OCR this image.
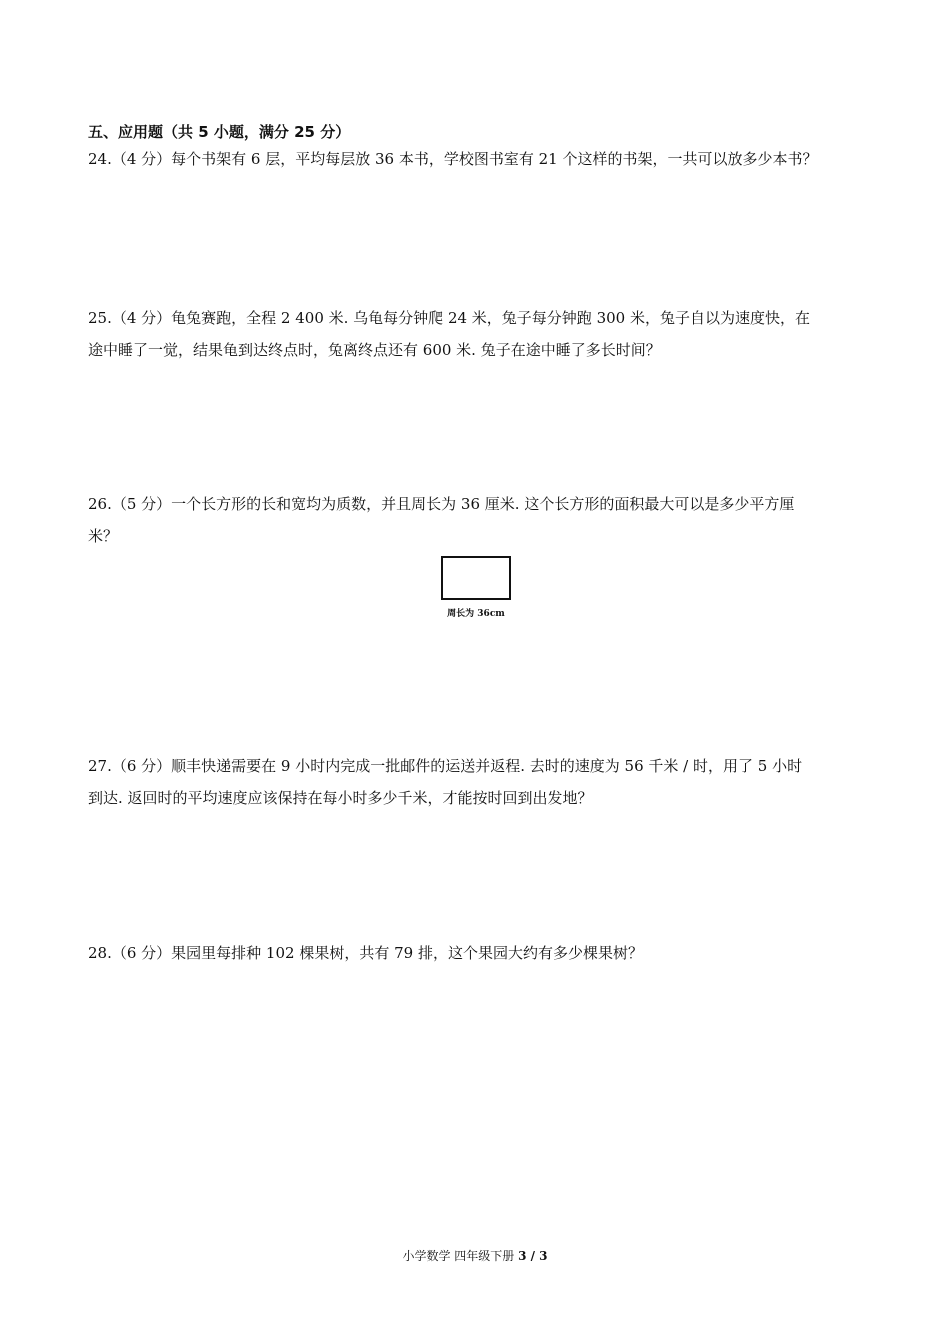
五、应用题（共 5 小题，满分 25 分）
24.（4 分）每个书架有 6 层，平均每层放 36 本书，学校图书室有 21 个这样的书架，一共可以放多少本书？
25.（4 分）龟兔赛跑，全程 2 400 米. 乌龟每分钟爬 24 米，兔子每分钟跑 300 米，兔子自以为速度快，在
途中睡了一觉，结果龟到达终点时，兔离终点还有 600 米. 兔子在途中睡了多长时间？
26.（5 分）一个长方形的长和宽均为质数，并且周长为 36 厘米. 这个长方形的面积最大可以是多少平方厘
米？
周长为 36cm
27.（6 分）顺丰快递需要在 9 小时内完成一批邮件的运送并返程. 去时的速度为 56 千米 / 时，用了 5 小时
到达. 返回时的平均速度应该保持在每小时多少千米，才能按时回到出发地？
28.（6 分）果园里每排种 102 棵果树，共有 79 排，这个果园大约有多少棵果树？
小学数学 四年级下册 3 / 3
